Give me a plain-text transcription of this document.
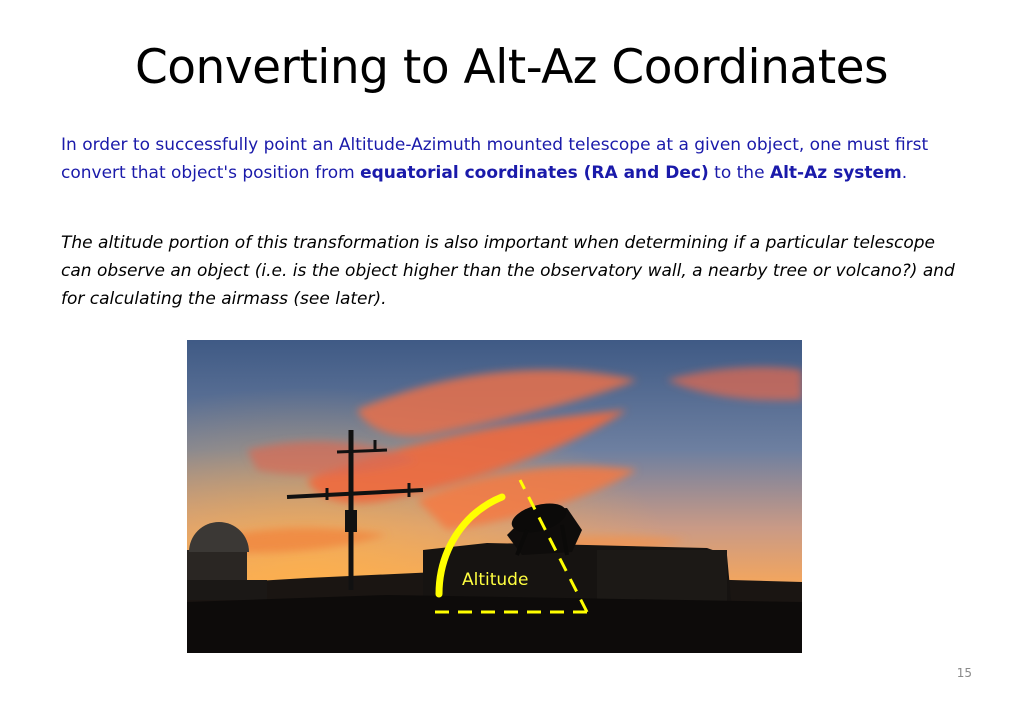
Converting to Alt-Az Coordinates
In order to successfully point an Altitude-Azimuth mounted telescope at a given object, one must first convert that object's position from equatorial coordinates (RA and Dec) to the Alt-Az system.
The altitude portion of this transformation is also important when determining if a particular telescope can observe an object (i.e. is the object higher than the observatory wall, a nearby tree or volcano?) and for calculating the airmass (see later).
Altitude
15
